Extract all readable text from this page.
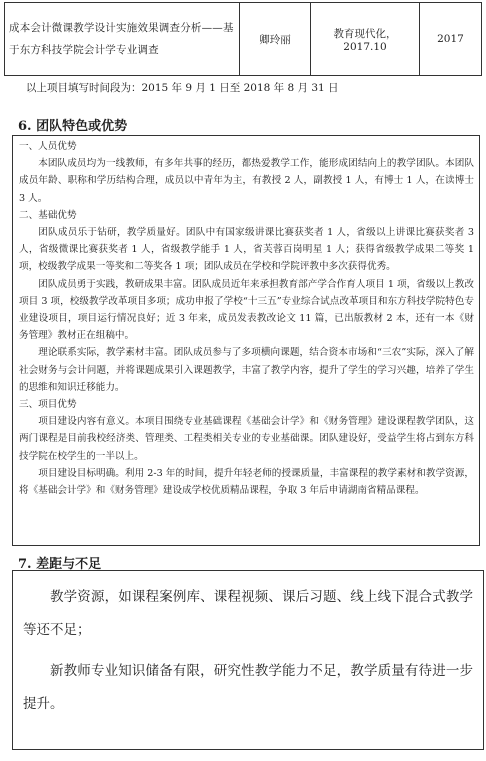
成本会计微课教学设计实施效果调查分析——基于东方科技学院会计学专业调查	卿玲丽	教育现代化，2017.10	2017
以上项目填写时间段为：2015 年 9 月 1 日至 2018 年 8 月 31 日
6. 团队特色或优势
一、人员优势

本团队成员均为一线教师，有多年共事的经历，都热爱教学工作，能形成团结向上的教学团队。本团队成员年龄、职称和学历结构合理，成员以中青年为主，有教授 2 人，副教授 1 人，有博士 1 人，在读博士 3 人。

二、基础优势

团队成员乐于钻研，教学质量好。团队中有国家级讲课比赛获奖者 1 人，省级以上讲课比赛获奖者 3 人，省级微课比赛获奖者 1 人，省级教学能手 1 人，省芙蓉百岗明星 1 人；获得省级教学成果二等奖 1 项，校级教学成果一等奖和二等奖各 1 项；团队成员在学校和学院评教中多次获得优秀。

团队成员勇于实践，教研成果丰富。团队成员近年来承担教育部产学合作育人项目 1 项，省级以上教改项目 3 项，校级教学改革项目多项；成功申报了学校“十三五”专业综合试点改革项目和东方科技学院特色专业建设项目，项目运行情况良好；近 3 年来，成员发表教改论文 11 篇，已出版教材 2 本，还有一本《财务管理》教材正在组稿中。

理论联系实际，教学素材丰富。团队成员参与了多项横向课题，结合资本市场和“三农”实际，深入了解社会财务与会计问题，并将课题成果引入课题教学，丰富了教学内容，提升了学生的学习兴趣，培养了学生的思维和知识迁移能力。

三、项目优势

项目建设内容有意义。本项目围绕专业基础课程《基础会计学》和《财务管理》建设课程教学团队，这两门课程是目前我校经济类、管理类、工程类相关专业的专业基础课。团队建设好，受益学生将占到东方科技学院在校学生的一半以上。

项目建设目标明确。利用 2-3 年的时间，提升年轻老师的授课质量，丰富课程的教学素材和教学资源，将《基础会计学》和《财务管理》建设成学校优质精品课程，争取 3 年后申请湖南省精品课程。

7. 差距与不足

教学资源，如课程案例库、课程视频、课后习题、线上线下混合式教学等还不足；

新教师专业知识储备有限，研究性教学能力不足，教学质量有待进一步提升。
